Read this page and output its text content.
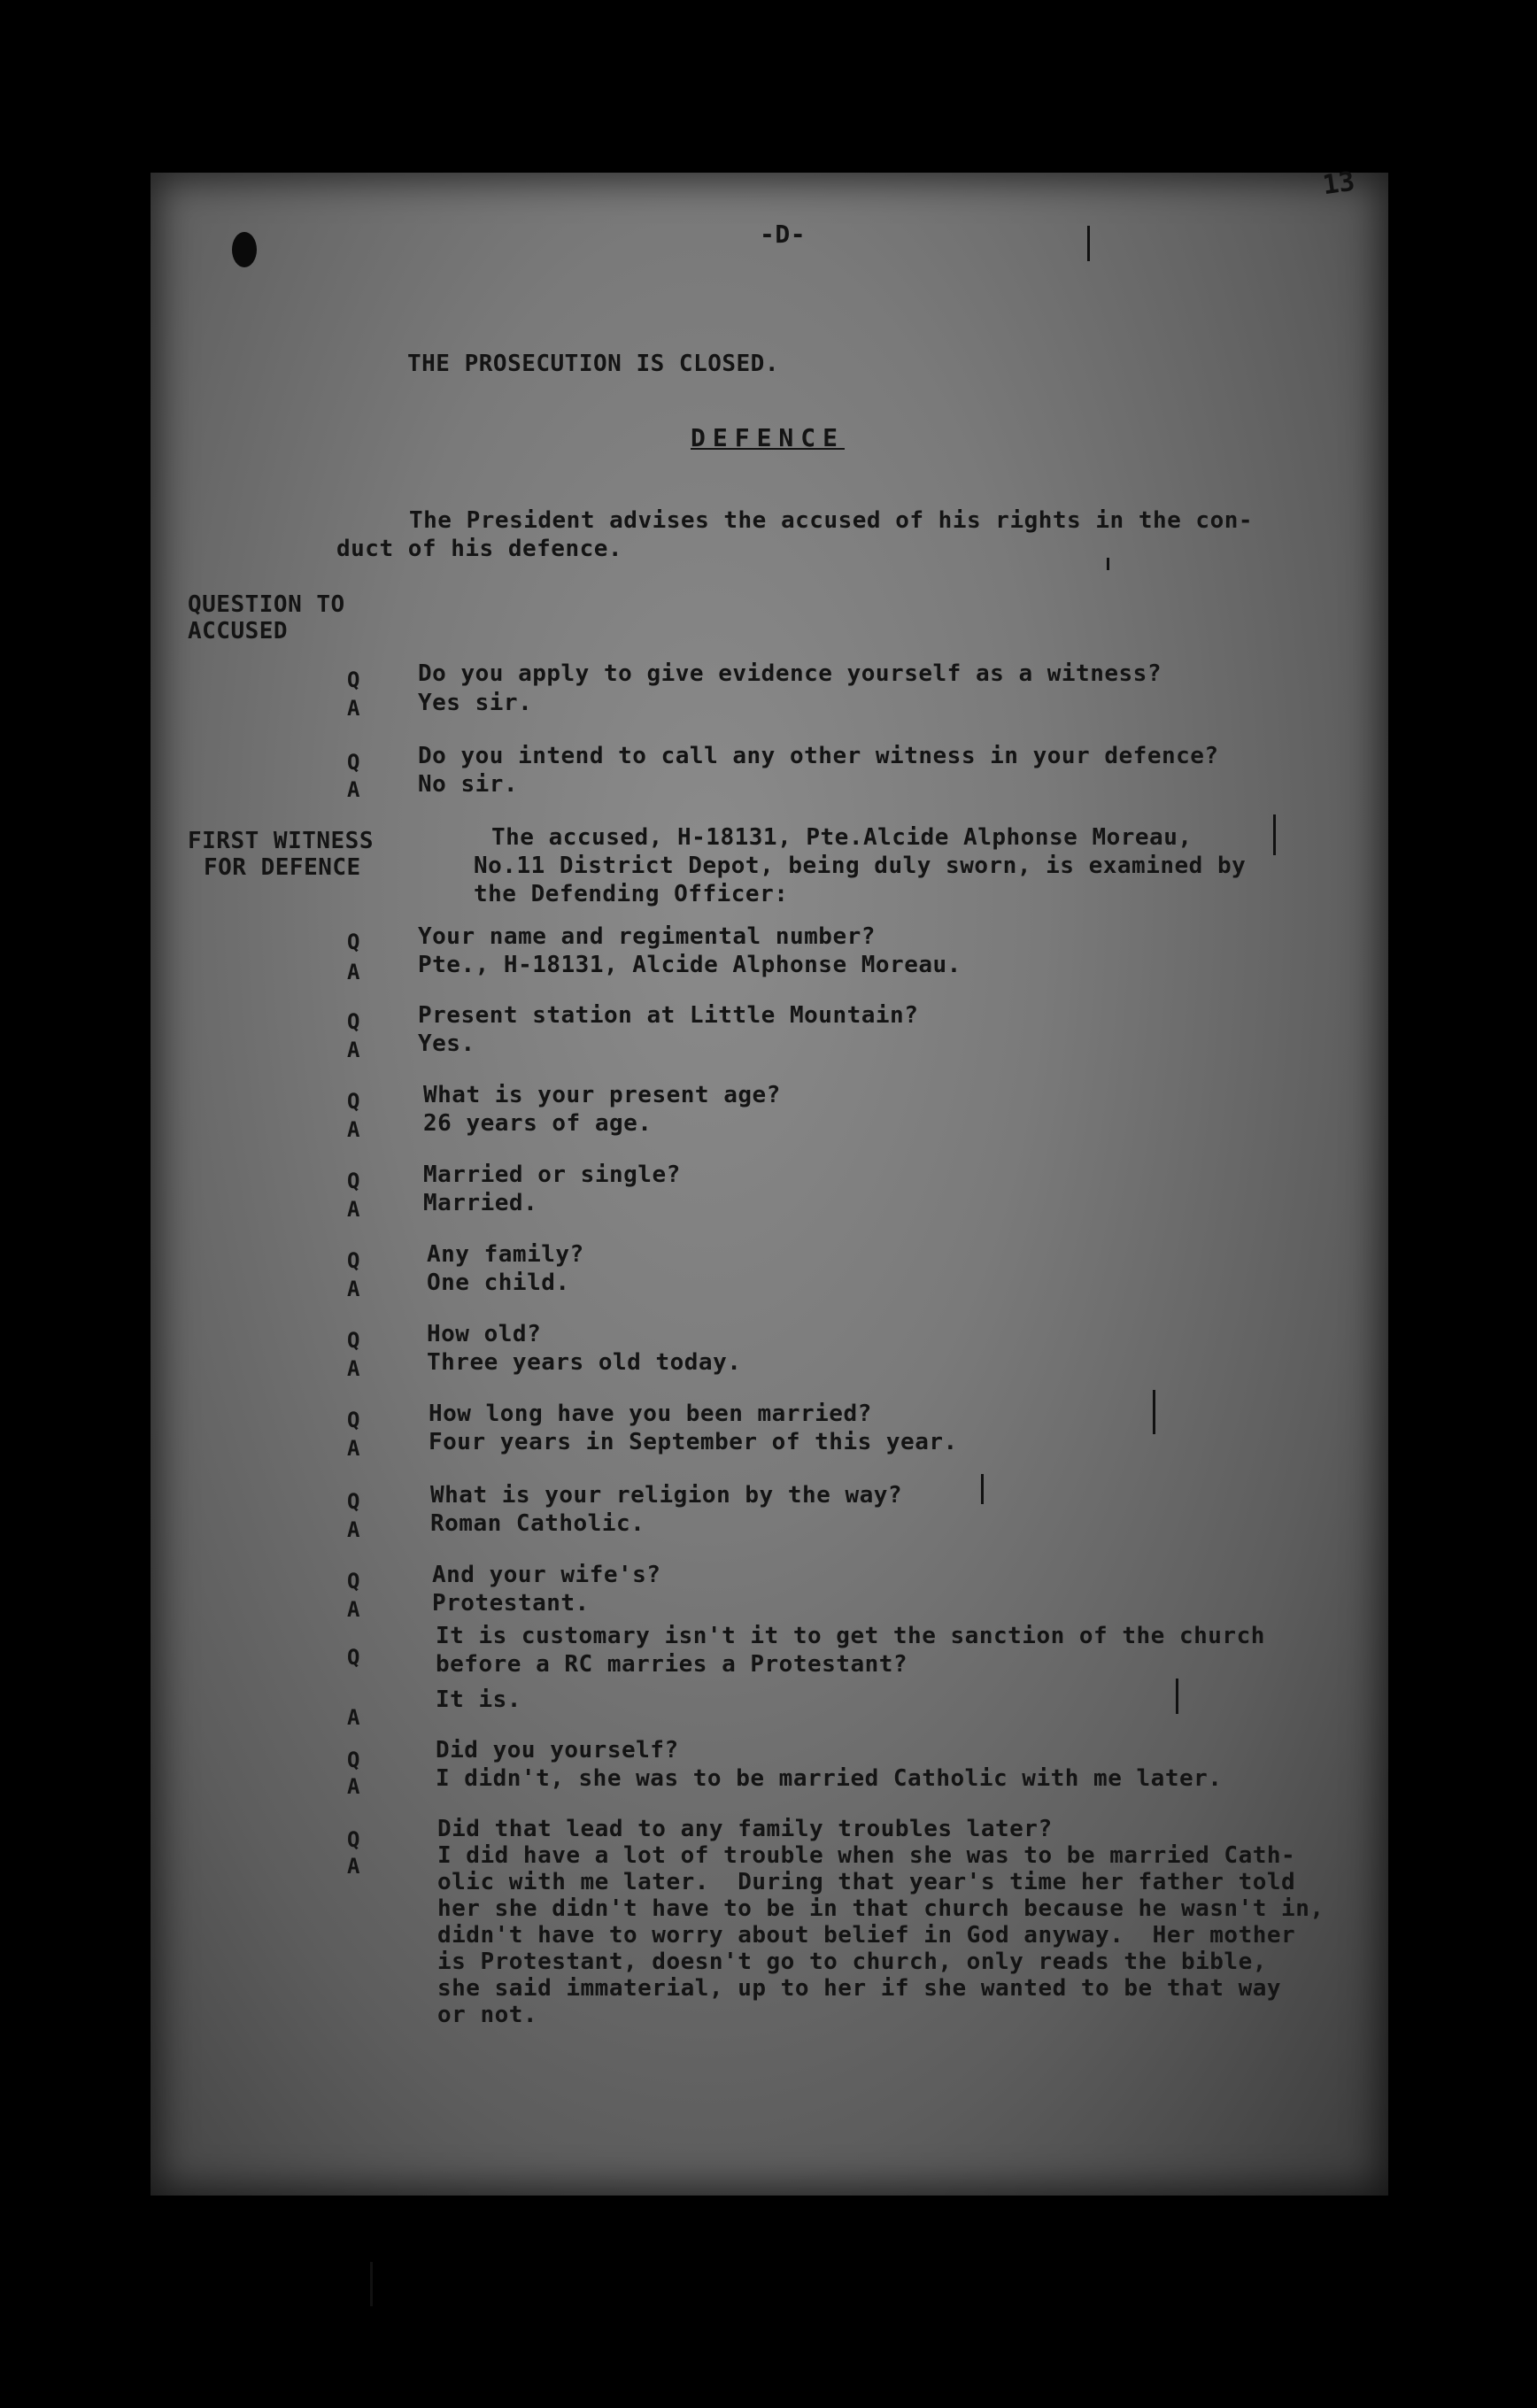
13
-D-
THE PROSECUTION IS CLOSED.
DEFENCE
The President advises the accused of his rights in the con-
duct of his defence.
QUESTION TO
ACCUSED
Q	Do you apply to give evidence yourself as a witness?
A	Yes sir.
Q	Do you intend to call any other witness in your defence?
A	No sir.
FIRST WITNESS
FOR DEFENCE
The accused, H-18131, Pte.Alcide Alphonse Moreau,
No.11 District Depot, being duly sworn, is examined by
the Defending Officer:
Q	Your name and regimental number?
A	Pte., H-18131, Alcide Alphonse Moreau.
Q	Present station at Little Mountain?
A	Yes.
Q	What is your present age?
A	26 years of age.
Q	Married or single?
A	Married.
Q	Any family?
A	One child.
Q	How old?
A	Three years old today.
Q	How long have you been married?
A	Four years in September of this year.
Q	What is your religion by the way?
A	Roman Catholic.
Q	And your wife's?
A	Protestant.
Q
It is customary isn't it to get the sanction of the church
before a RC marries a Protestant?
A
It is.
Q	Did you yourself?
A	I didn't, she was to be married Catholic with me later.
Q	Did that lead to any family troubles later?
A	I did have a lot of trouble when she was to be married Cath-
olic with me later.  During that year's time her father told
her she didn't have to be in that church because he wasn't in,
didn't have to worry about belief in God anyway.  Her mother
is Protestant, doesn't go to church, only reads the bible,
she said immaterial, up to her if she wanted to be that way
or not.
